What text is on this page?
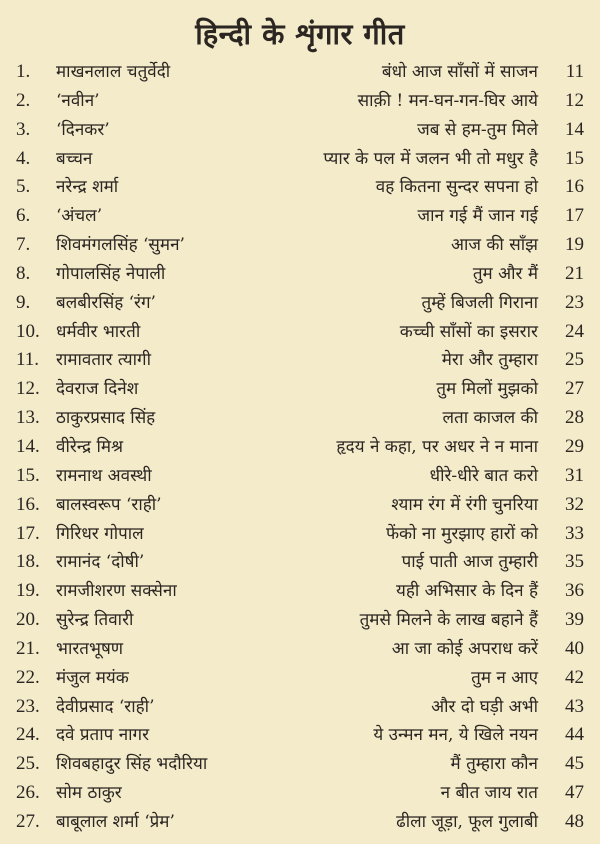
हिन्दी के शृंगार गीत
1. माखनलाल चतुर्वेदी	बंधो आज साँसों में साजन 11
2. ‘नवीन’	साक़ी ! मन-घन-गन-घिर आये 12
3. ‘दिनकर’	जब से हम-तुम मिले 14
4. बच्चन	प्यार के पल में जलन भी तो मधुर है 15
5. नरेन्द्र शर्मा	वह कितना सुन्दर सपना हो 16
6. ‘अंचल’	जान गई मैं जान गई 17
7. शिवमंगलसिंह ‘सुमन’	आज की साँझ 19
8. गोपालसिंह नेपाली	तुम और मैं 21
9. बलबीरसिंह ‘रंग’	तुम्हें बिजली गिराना 23
10. धर्मवीर भारती	कच्ची साँसों का इसरार 24
11. रामावतार त्यागी	मेरा और तुम्हारा 25
12. देवराज दिनेश	तुम मिलों मुझको 27
13. ठाकुरप्रसाद सिंह	लता काजल की 28
14. वीरेन्द्र मिश्र	हृदय ने कहा, पर अधर ने न माना 29
15. रामनाथ अवस्थी	धीरे-धीरे बात करो 31
16. बालस्वरूप ‘राही’	श्याम रंग में रंगी चुनरिया 32
17. गिरिधर गोपाल	फेंको ना मुरझाए हारों को 33
18. रामानंद ‘दोषी’	पाई पाती आज तुम्हारी 35
19. रामजीशरण सक्सेना	यही अभिसार के दिन हैं 36
20. सुरेन्द्र तिवारी	तुमसे मिलने के लाख बहाने हैं 39
21. भारतभूषण	आ जा कोई अपराध करें 40
22. मंजुल मयंक	तुम न आए 42
23. देवीप्रसाद ‘राही’	और दो घड़ी अभी 43
24. दवे प्रताप नागर	ये उन्मन मन, ये खिले नयन 44
25. शिवबहादुर सिंह भदौरिया	मैं तुम्हारा कौन 45
26. सोम ठाकुर	न बीत जाय रात 47
27. बाबूलाल शर्मा ‘प्रेम’	ढीला जूड़ा, फूल गुलाबी 48
